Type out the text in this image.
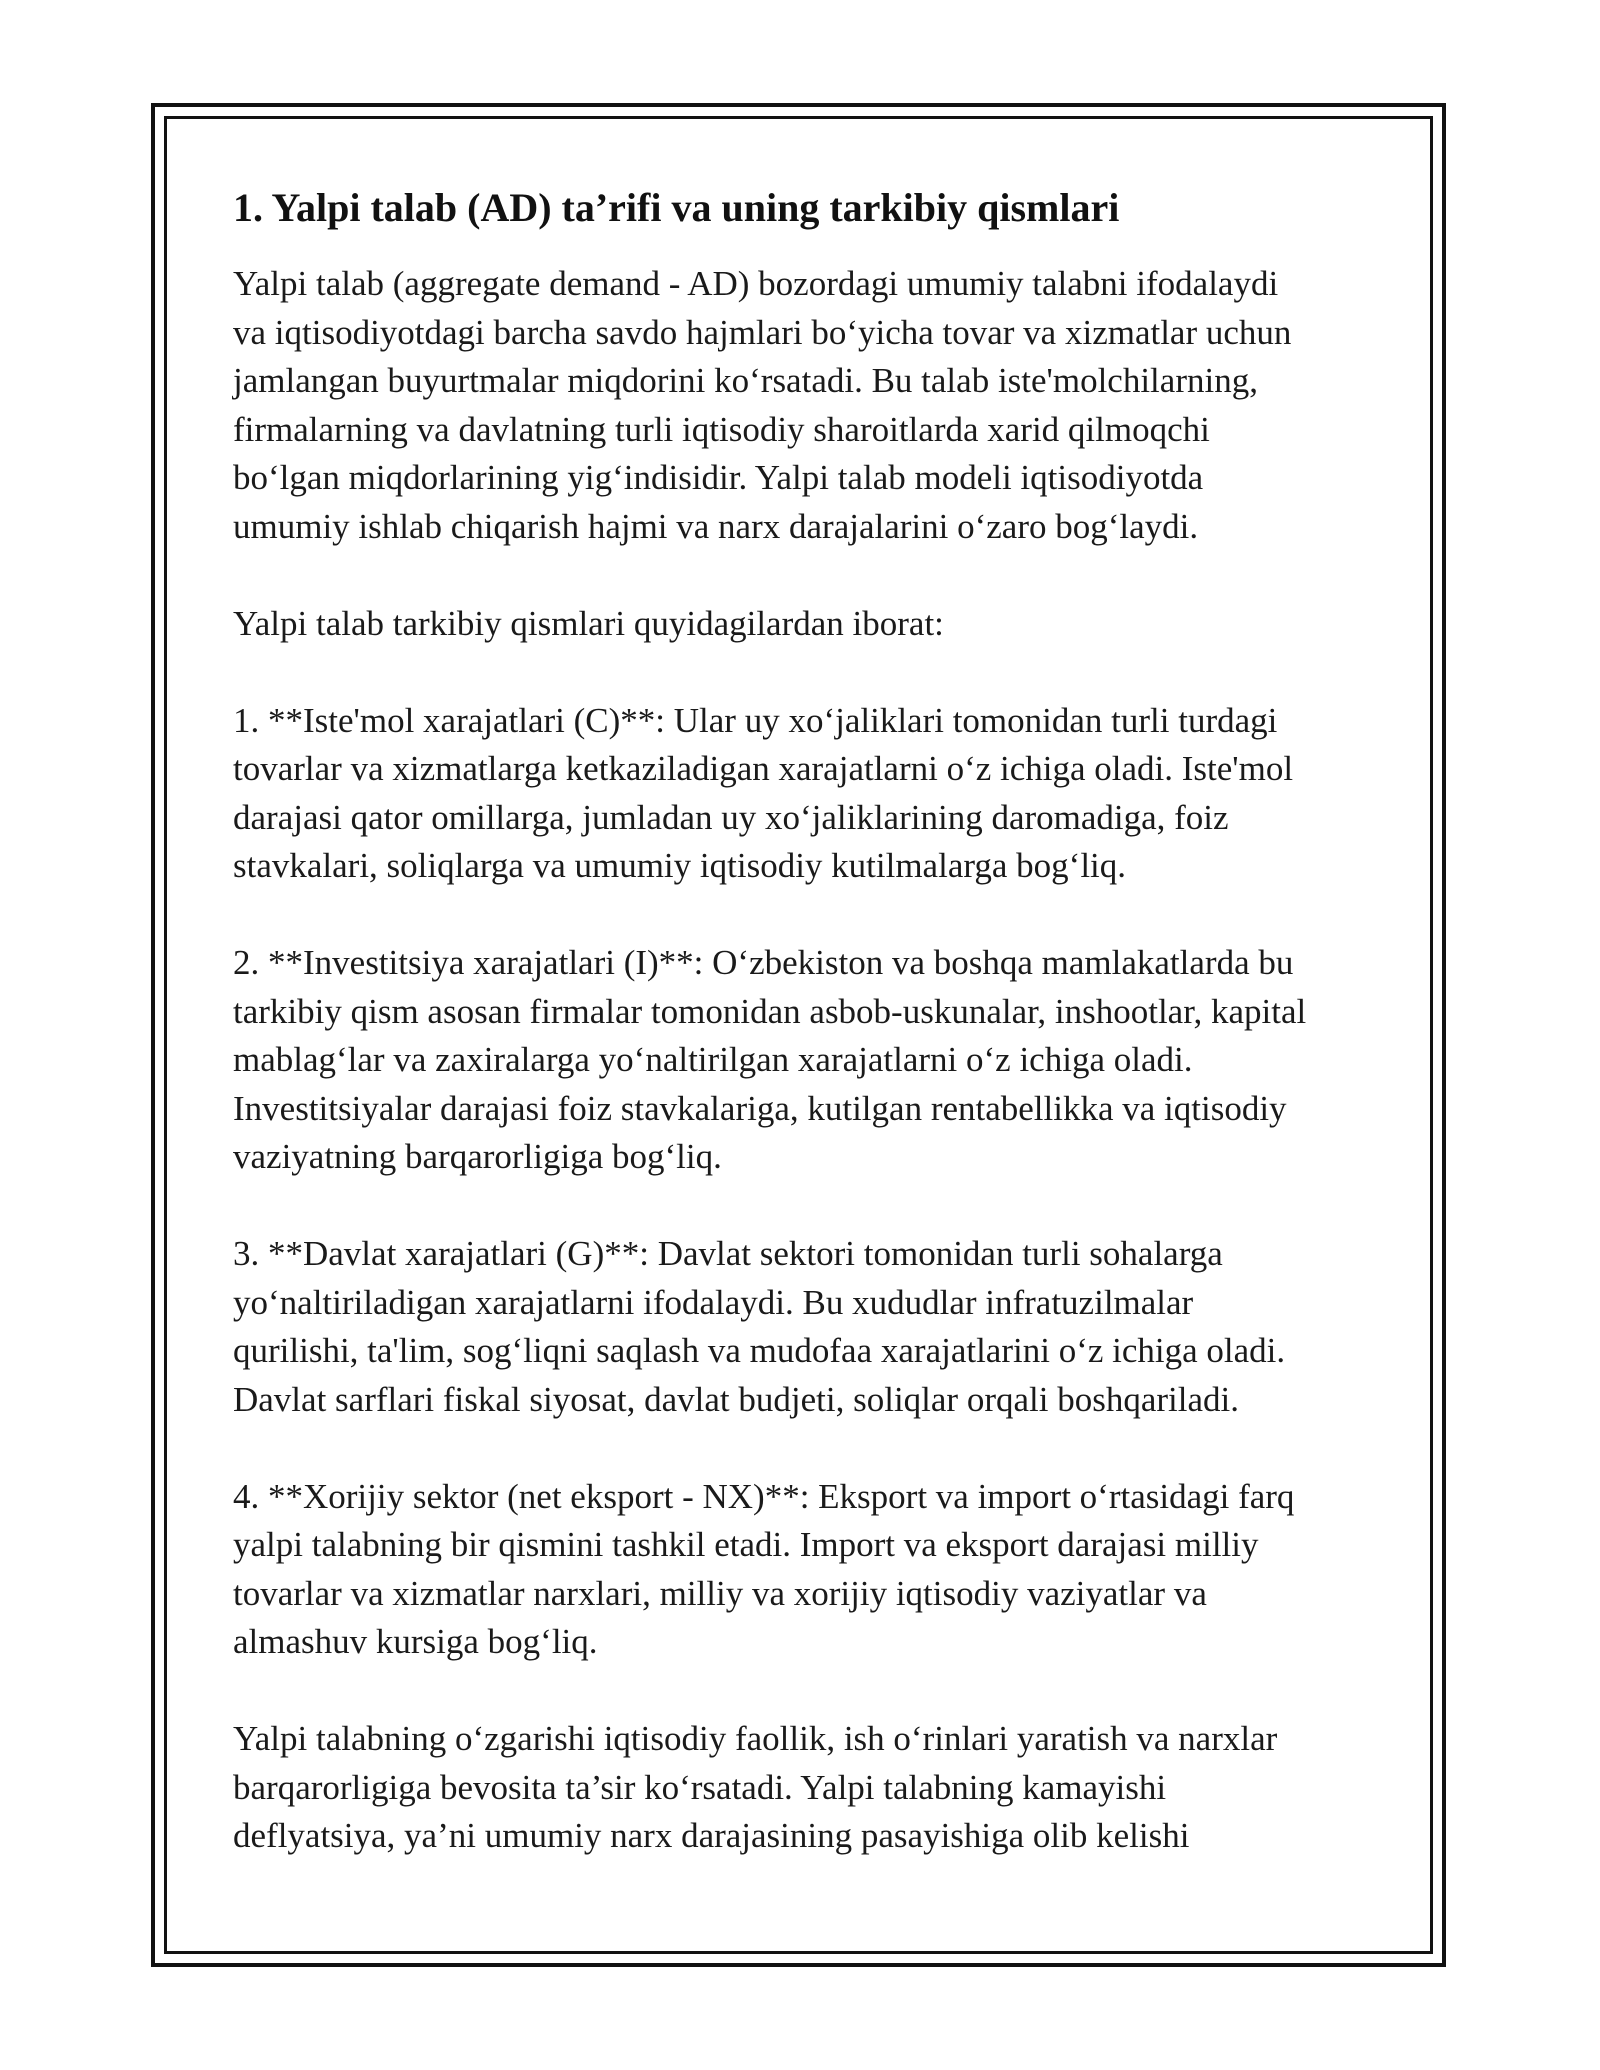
1. Yalpi talab (AD) ta’rifi va uning tarkibiy qismlari

Yalpi talab (aggregate demand - AD) bozordagi umumiy talabni ifodalaydi
va iqtisodiyotdagi barcha savdo hajmlari bo‘yicha tovar va xizmatlar uchun
jamlangan buyurtmalar miqdorini ko‘rsatadi. Bu talab iste'molchilarning,
firmalarning va davlatning turli iqtisodiy sharoitlarda xarid qilmoqchi
bo‘lgan miqdorlarining yig‘indisidir. Yalpi talab modeli iqtisodiyotda
umumiy ishlab chiqarish hajmi va narx darajalarini o‘zaro bog‘laydi.

Yalpi talab tarkibiy qismlari quyidagilardan iborat:

1. **Iste'mol xarajatlari (C)**: Ular uy xo‘jaliklari tomonidan turli turdagi
tovarlar va xizmatlarga ketkaziladigan xarajatlarni o‘z ichiga oladi. Iste'mol
darajasi qator omillarga, jumladan uy xo‘jaliklarining daromadiga, foiz
stavkalari, soliqlarga va umumiy iqtisodiy kutilmalarga bog‘liq.

2. **Investitsiya xarajatlari (I)**: O‘zbekiston va boshqa mamlakatlarda bu
tarkibiy qism asosan firmalar tomonidan asbob-uskunalar, inshootlar, kapital
mablag‘lar va zaxiralarga yo‘naltirilgan xarajatlarni o‘z ichiga oladi.
Investitsiyalar darajasi foiz stavkalariga, kutilgan rentabellikka va iqtisodiy
vaziyatning barqarorligiga bog‘liq.

3. **Davlat xarajatlari (G)**: Davlat sektori tomonidan turli sohalarga
yo‘naltiriladigan xarajatlarni ifodalaydi. Bu xududlar infratuzilmalar
qurilishi, ta'lim, sog‘liqni saqlash va mudofaa xarajatlarini o‘z ichiga oladi.
Davlat sarflari fiskal siyosat, davlat budjeti, soliqlar orqali boshqariladi.

4. **Xorijiy sektor (net eksport - NX)**: Eksport va import o‘rtasidagi farq
yalpi talabning bir qismini tashkil etadi. Import va eksport darajasi milliy
tovarlar va xizmatlar narxlari, milliy va xorijiy iqtisodiy vaziyatlar va
almashuv kursiga bog‘liq.

Yalpi talabning o‘zgarishi iqtisodiy faollik, ish o‘rinlari yaratish va narxlar
barqarorligiga bevosita ta’sir ko‘rsatadi. Yalpi talabning kamayishi
deflyatsiya, ya’ni umumiy narx darajasining pasayishiga olib kelishi
